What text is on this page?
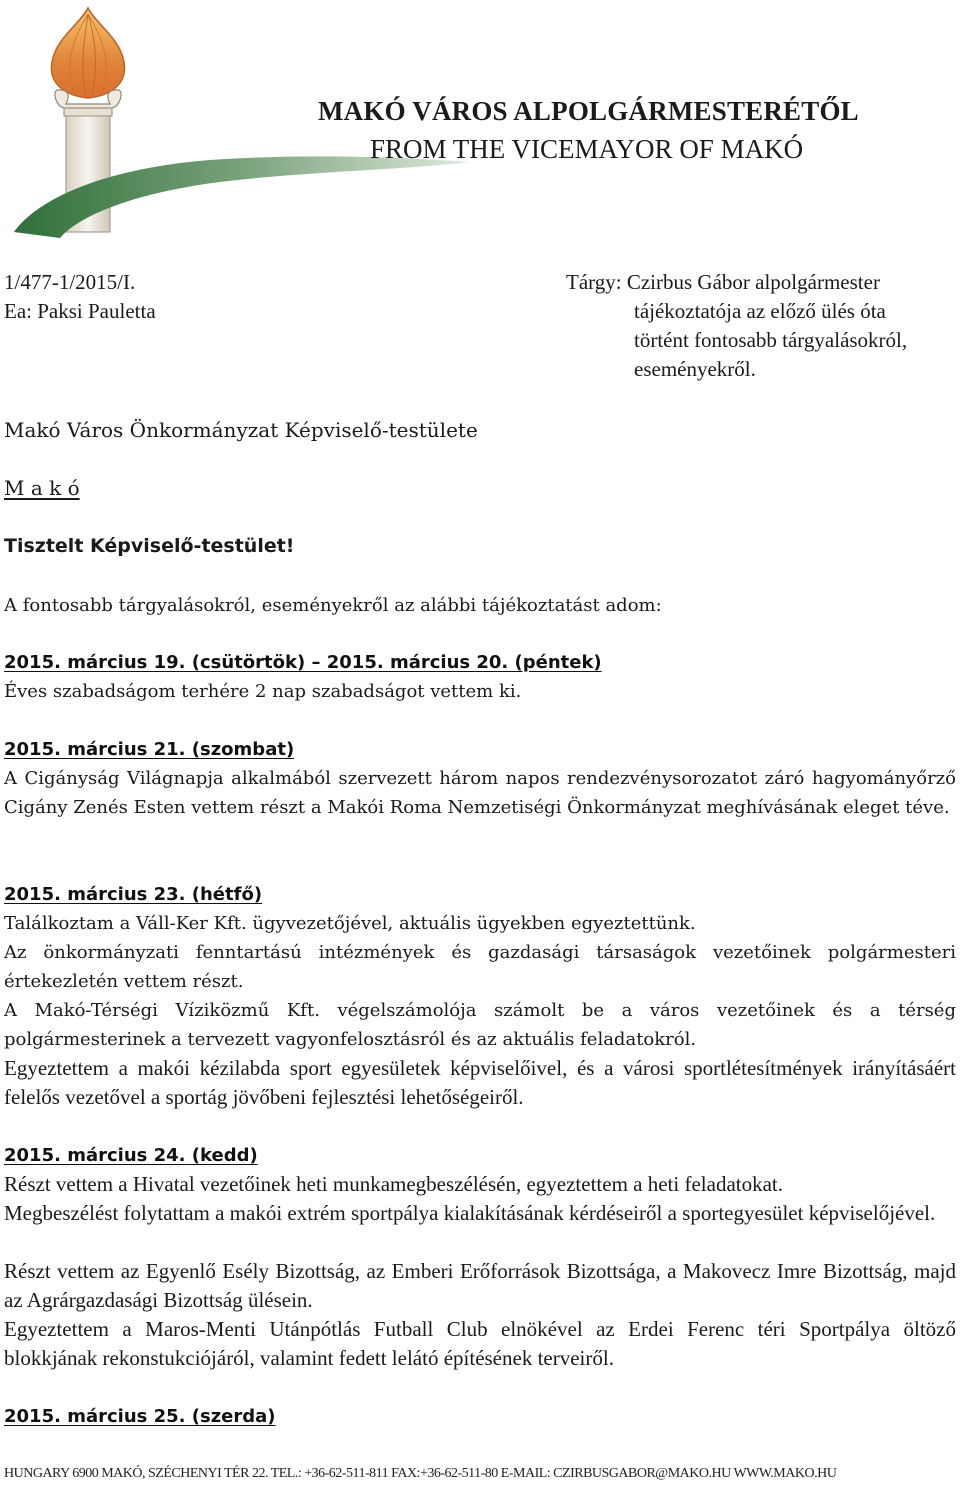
MAKÓ VÁROS ALPOLGÁRMESTERÉTŐL
FROM THE VICEMAYOR OF MAKÓ
1/477-1/2015/I.
Ea: Paksi Pauletta
Tárgy: Czirbus Gábor alpolgármester
tájékoztatója az előző ülés óta
történt fontosabb tárgyalásokról,
eseményekről.
Makó Város Önkormányzat Képviselő-testülete
M a k ó
Tisztelt Képviselő-testület!
A fontosabb tárgyalásokról, eseményekről az alábbi tájékoztatást adom:
2015. március 19. (csütörtök) – 2015. március 20. (péntek)
Éves szabadságom terhére 2 nap szabadságot vettem ki.
2015. március 21. (szombat)
A Cigányság Világnapja alkalmából szervezett három napos rendezvénysorozatot záró hagyományőrző Cigány Zenés Esten vettem részt a Makói Roma Nemzetiségi Önkormányzat meghívásának eleget téve.
2015. március 23. (hétfő)
Találkoztam a Váll-Ker Kft. ügyvezetőjével, aktuális ügyekben egyeztettünk.
Az önkormányzati fenntartású intézmények és gazdasági társaságok vezetőinek polgármesteri értekezletén vettem részt.
A Makó-Térségi Víziközmű Kft. végelszámolója számolt be a város vezetőinek és a térség polgármesterinek a tervezett vagyonfelosztásról és az aktuális feladatokról.
Egyeztettem a makói kézilabda sport egyesületek képviselőivel, és a városi sportlétesítmények irányításáért felelős vezetővel a sportág jövőbeni fejlesztési lehetőségeiről.
2015. március 24. (kedd)
Részt vettem a Hivatal vezetőinek heti munkamegbeszélésén, egyeztettem a heti feladatokat.
Megbeszélést folytattam a makói extrém sportpálya kialakításának kérdéseiről a sportegyesület képviselőjével.
Részt vettem az Egyenlő Esély Bizottság, az Emberi Erőforrások Bizottsága, a Makovecz Imre Bizottság, majd az Agrárgazdasági Bizottság ülésein.
Egyeztettem a Maros-Menti Utánpótlás Futball Club elnökével az Erdei Ferenc téri Sportpálya öltöző blokkjának rekonstukciójáról, valamint fedett lelátó építésének terveiről.
2015. március 25. (szerda)
HUNGARY 6900 MAKÓ, SZÉCHENYI TÉR 22. TEL.: +36-62-511-811 FAX:+36-62-511-80 E-MAIL: CZIRBUSGABOR@MAKO.HU WWW.MAKO.HU
